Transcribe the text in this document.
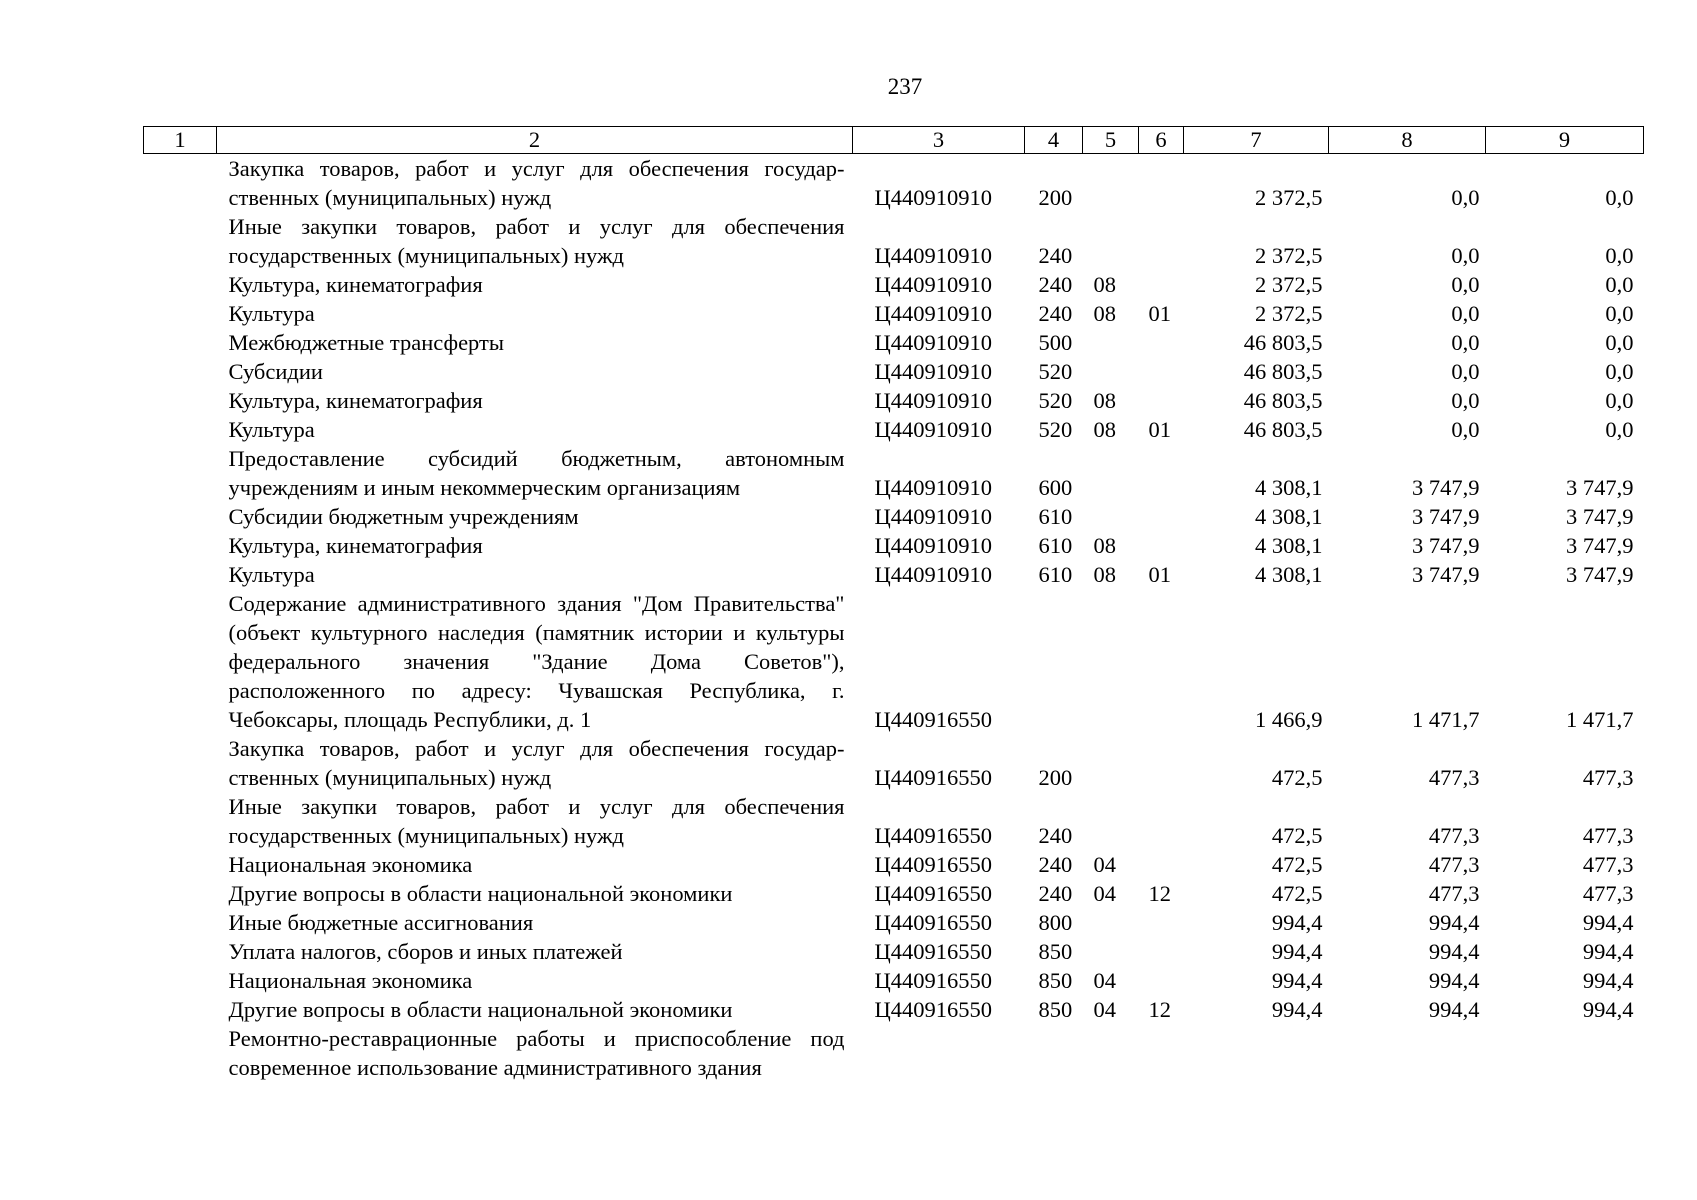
237
1	2	3	4	5	6	7	8	9
	Закупка товаров, работ и услуг для обеспечения государственных (муниципальных) нужд	Ц440910910	200			2 372,5	0,0	0,0
	Иные закупки товаров, работ и услуг для обеспечения государственных (муниципальных) нужд	Ц440910910	240			2 372,5	0,0	0,0
	Культура, кинематография	Ц440910910	240	08		2 372,5	0,0	0,0
	Культура	Ц440910910	240	08	01	2 372,5	0,0	0,0
	Межбюджетные трансферты	Ц440910910	500			46 803,5	0,0	0,0
	Субсидии	Ц440910910	520			46 803,5	0,0	0,0
	Культура, кинематография	Ц440910910	520	08		46 803,5	0,0	0,0
	Культура	Ц440910910	520	08	01	46 803,5	0,0	0,0
	Предоставление субсидий бюджетным, автономным учреждениям и иным некоммерческим организациям	Ц440910910	600			4 308,1	3 747,9	3 747,9
	Субсидии бюджетным учреждениям	Ц440910910	610			4 308,1	3 747,9	3 747,9
	Культура, кинематография	Ц440910910	610	08		4 308,1	3 747,9	3 747,9
	Культура	Ц440910910	610	08	01	4 308,1	3 747,9	3 747,9
	Содержание административного здания "Дом Правительства" (объект культурного наследия (памятник истории и культуры федерального значения "Здание Дома Советов"), расположенного по адресу: Чувашская Республика, г. Чебоксары, площадь Республики, д. 1	Ц440916550				1 466,9	1 471,7	1 471,7
	Закупка товаров, работ и услуг для обеспечения государственных (муниципальных) нужд	Ц440916550	200			472,5	477,3	477,3
	Иные закупки товаров, работ и услуг для обеспечения государственных (муниципальных) нужд	Ц440916550	240			472,5	477,3	477,3
	Национальная экономика	Ц440916550	240	04		472,5	477,3	477,3
	Другие вопросы в области национальной экономики	Ц440916550	240	04	12	472,5	477,3	477,3
	Иные бюджетные ассигнования	Ц440916550	800			994,4	994,4	994,4
	Уплата налогов, сборов и иных платежей	Ц440916550	850			994,4	994,4	994,4
	Национальная экономика	Ц440916550	850	04		994,4	994,4	994,4
	Другие вопросы в области национальной экономики	Ц440916550	850	04	12	994,4	994,4	994,4
	Ремонтно-реставрационные работы и приспособление под современное использование административного здания							
